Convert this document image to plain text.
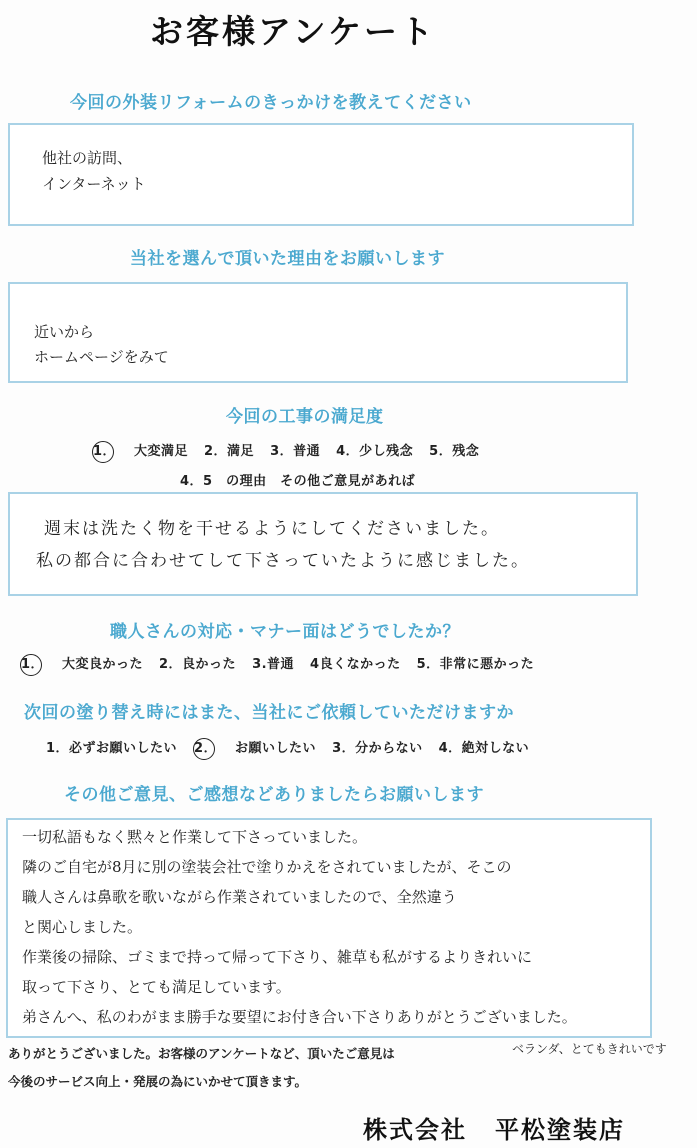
お客様アンケート
今回の外装リフォームのきっかけを教えてください
他社の訪問、
インターネット
当社を選んで頂いた理由をお願いします
近いから
ホームページをみて
今回の工事の満足度
1． 大変満足 2．満足 3．普通 4．少し残念 5．残念
4．5　の理由　その他ご意見があれば
週末は洗たく物を干せるようにしてくださいました。
私の都合に合わせてして下さっていたように感じました。
職人さんの対応・マナー面はどうでしたか？
1． 大変良かった 2．良かった 3.普通 4良くなかった 5．非常に悪かった
次回の塗り替え時にはまた、当社にご依頼していただけますか
1．必ずお願いしたい 2． お願いしたい 3．分からない 4．絶対しない
その他ご意見、ご感想などありましたらお願いします
一切私語もなく黙々と作業して下さっていました。
隣のご自宅が8月に別の塗装会社で塗りかえをされていましたが、そこの
職人さんは鼻歌を歌いながら作業されていましたので、全然違う
と関心しました。
作業後の掃除、ゴミまで持って帰って下さり、雑草も私がするよりきれいに
取って下さり、とても満足しています。
弟さんへ、私のわがまま勝手な要望にお付き合い下さりありがとうございました。
ベランダ、とてもきれいです
ありがとうございました。お客様のアンケートなど、頂いたご意見は
今後のサービス向上・発展の為にいかせて頂きます。
株式会社 平松塗装店
